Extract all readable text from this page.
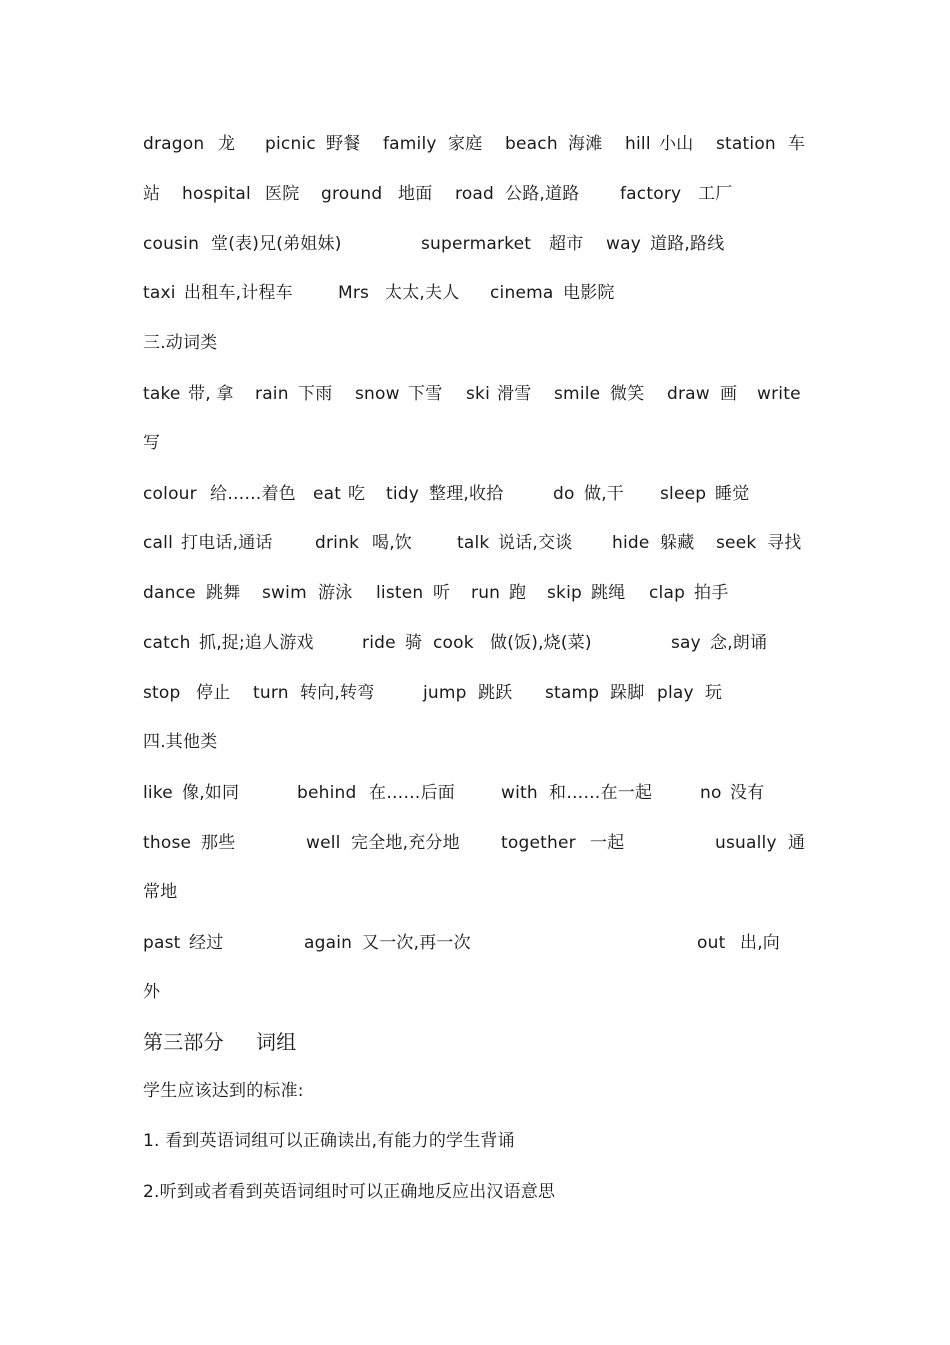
dragon 龙 picnic 野餐 family 家庭 beach 海滩 hill 小山 station 车
站 hospital 医院 ground 地面 road 公路,道路 factory 工厂
cousin 堂(表)兄(弟姐妹)	supermarket 超市 way 道路,路线
taxi 出租车,计程车	Mrs 太太,夫人 cinema 电影院
三.动词类
take 带, 拿 rain 下雨 snow 下雪 ski 滑雪 smile 微笑 draw 画 write
写
colour 给……着色 eat 吃 tidy 整理,收拾	do 做,干 sleep 睡觉
call 打电话,通话 drink 喝,饮	talk 说话,交谈 hide 躲藏 seek 寻找
dance 跳舞 swim 游泳 listen 听 run 跑 skip 跳绳 clap 拍手
catch 抓,捉;追人游戏	ride 骑 cook 做(饭),烧(菜)	say 念,朗诵
stop 停止 turn 转向,转弯	jump 跳跃 stamp 跺脚 play 玩
四.其他类
like 像,如同	behind 在……后面	with 和……在一起	no 没有
those 那些	well 完全地,充分地 together 一起	usually 通
常地
past 经过	again 又一次,再一次	out 出,向
外
第三部分 词组
学生应该达到的标准:
1. 看到英语词组可以正确读出,有能力的学生背诵
2.听到或者看到英语词组时可以正确地反应出汉语意思
